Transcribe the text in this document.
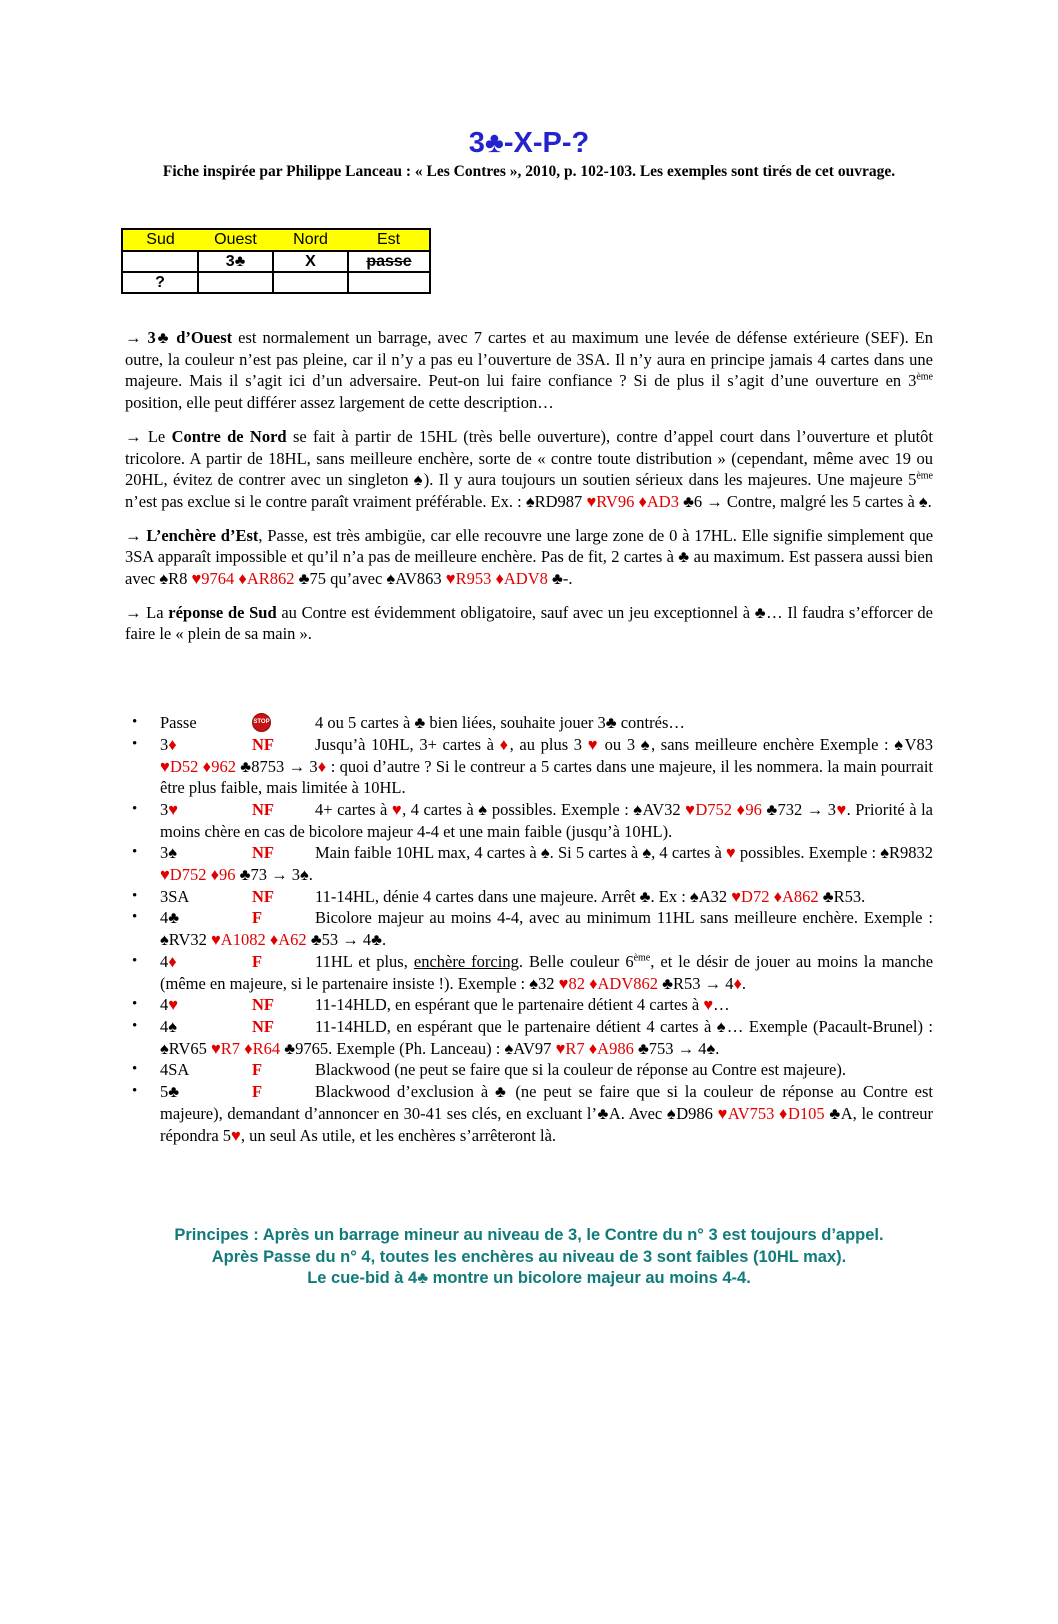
3♣-X-P-?
Fiche inspirée par Philippe Lanceau : « Les Contres », 2010, p. 102-103. Les exemples sont tirés de cet ouvrage.
Sud	Ouest	Nord	Est
	3♣	X	passe
?			
→ 3♣ d’Ouest est normalement un barrage, avec 7 cartes et au maximum une levée de défense extérieure (SEF). En outre, la couleur n’est pas pleine, car il n’y a pas eu l’ouverture de 3SA. Il n’y aura en principe jamais 4 cartes dans une majeure. Mais il s’agit ici d’un adversaire. Peut-on lui faire confiance ? Si de plus il s’agit d’une ouverture en 3ème position, elle peut différer assez largement de cette description…
→ Le Contre de Nord se fait à partir de 15HL (très belle ouverture), contre d’appel court dans l’ouverture et plutôt tricolore. A partir de 18HL, sans meilleure enchère, sorte de « contre toute distribution » (cependant, même avec 19 ou 20HL, évitez de contrer avec un singleton ♠). Il y aura toujours un soutien sérieux dans les majeures. Une majeure 5ème n’est pas exclue si le contre paraît vraiment préférable. Ex. : ♠RD987 ♥RV96 ♦AD3 ♣6 → Contre, malgré les 5 cartes à ♠.
→ L’enchère d’Est, Passe, est très ambigüe, car elle recouvre une large zone de 0 à 17HL. Elle signifie simplement que 3SA apparaît impossible et qu’il n’a pas de meilleure enchère. Pas de fit, 2 cartes à ♣ au maximum. Est passera aussi bien avec ♠R8 ♥9764 ♦AR862 ♣75 qu’avec ♠AV863 ♥R953 ♦ADV8 ♣-.
→ La réponse de Sud au Contre est évidemment obligatoire, sauf avec un jeu exceptionnel à ♣… Il faudra s’efforcer de faire le « plein de sa main ».
• Passe	STOP	4 ou 5 cartes à ♣ bien liées, souhaite jouer 3♣ contrés…
• 3♦	NF Jusqu’à 10HL, 3+ cartes à ♦, au plus 3 ♥ ou 3 ♠, sans meilleure enchère Exemple : ♠V83 ♥D52 ♦962 ♣8753 → 3♦ : quoi d’autre ? Si le contreur a 5 cartes dans une majeure, il les nommera. la main pourrait être plus faible, mais limitée à 10HL.
• 3♥	NF 4+ cartes à ♥, 4 cartes à ♠ possibles. Exemple : ♠AV32 ♥D752 ♦96 ♣732 → 3♥. Priorité à la moins chère en cas de bicolore majeur 4-4 et une main faible (jusqu’à 10HL).
• 3♠	NF Main faible 10HL max, 4 cartes à ♠. Si 5 cartes à ♠, 4 cartes à ♥ possibles. Exemple : ♠R9832 ♥D752 ♦96 ♣73 → 3♠.
• 3SA	NF 11-14HL, dénie 4 cartes dans une majeure. Arrêt ♣. Ex : ♠A32 ♥D72 ♦A862 ♣R53.
• 4♣	F	Bicolore majeur au moins 4-4, avec au minimum 11HL sans meilleure enchère. Exemple : ♠RV32 ♥A1082 ♦A62 ♣53 → 4♣.
• 4♦	F	11HL et plus, enchère forcing. Belle couleur 6ème, et le désir de jouer au moins la manche (même en majeure, si le partenaire insiste !). Exemple : ♠32 ♥82 ♦ADV862 ♣R53 → 4♦.
• 4♥	NF 11-14HLD, en espérant que le partenaire détient 4 cartes à ♥…
• 4♠	NF 11-14HLD, en espérant que le partenaire détient 4 cartes à ♠… Exemple (Pacault-Brunel) : ♠RV65 ♥R7 ♦R64 ♣9765. Exemple (Ph. Lanceau) : ♠AV97 ♥R7 ♦A986 ♣753 → 4♠.
• 4SA	F	Blackwood (ne peut se faire que si la couleur de réponse au Contre est majeure).
• 5♣	F	Blackwood d’exclusion à ♣ (ne peut se faire que si la couleur de réponse au Contre est majeure), demandant d’annoncer en 30-41 ses clés, en excluant l’♣A. Avec ♠D986 ♥AV753 ♦D105 ♣A, le contreur répondra 5♥, un seul As utile, et les enchères s’arrêteront là.
Principes : Après un barrage mineur au niveau de 3, le Contre du n° 3 est toujours d’appel.
Après Passe du n° 4, toutes les enchères au niveau de 3 sont faibles (10HL max).
Le cue-bid à 4♣ montre un bicolore majeur au moins 4-4.
